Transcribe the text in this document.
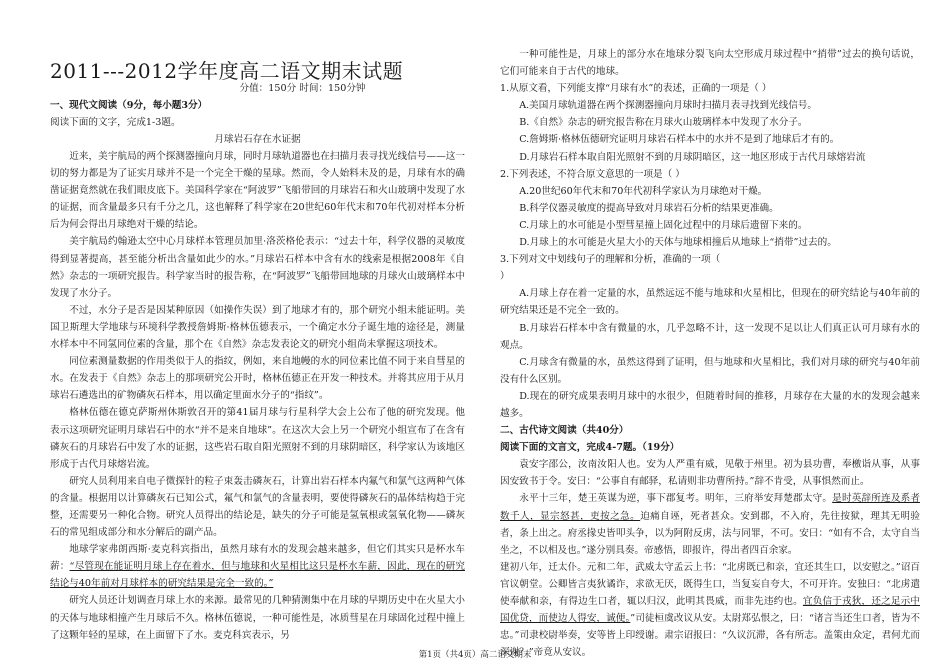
2011---2012学年度高二语文期末试题
分值：150分 时间：150分钟
一、现代文阅读（9分，每小题3分）
阅读下面的文字，完成1-3题。
月球岩石存在水证据

近来，美宇航局的两个探测器撞向月球，同时月球轨道器也在扫描月表寻找光线信号——这一切的努力都是为了证实月球并不是一个完全干燥的星球。然而，令人始料未及的是，月球有水的确凿证据竟然就在我们眼皮底下。美国科学家在“阿波罗”飞船带回的月球岩石和火山玻璃中发现了水的证据，而含量最多只有千分之几，这也解释了科学家在20世纪60年代末和70年代初对样本分析后为何会得出月球绝对干燥的结论。

美宇航局约翰逊太空中心月球样本管理员加里·洛茨格伦表示：“过去十年，科学仪器的灵敏度得到显著提高，甚至能分析出含量如此少的水。”月球岩石样本中含有水的线索是根据2008年《自然》杂志的一项研究报告。科学家当时的报告称，在“阿波罗”飞船带回地球的月球火山玻璃样本中发现了水分子。

不过，水分子是否是因某种原因（如操作失误）到了地球才有的，那个研究小组未能证明。美国卫斯理大学地球与环境科学教授詹姆斯·格林伍德表示，一个确定水分子诞生地的途径是，测量水样本中不同氢同位素的含量，那个在《自然》杂志发表论文的研究小组尚未掌握这项技术。

同位素测量数据的作用类似于人的指纹，例如，来自地幔的水的同位素比值不同于来自彗星的水。在发表于《自然》杂志上的那项研究公开时，格林伍德正在开发一种技术。并将其应用于从月球岩石遴选出的矿物磷灰石样本，用以确定里面水分子的“指纹”。

格林伍德在德克萨斯州休斯敦召开的第41届月球与行星科学大会上公布了他的研究发现。他表示这项研究证明月球岩石中的水“并不是来自地球”。在这次大会上另一个研究小组宣布了在含有磷灰石的月球岩石中发了水的证据，这些岩石取自阳光照射不到的月球阴暗区，科学家认为该地区形成于古代月球熔岩流。

研究人员利用来自电子微探针的粒子束轰击磷灰石，计算出岩石样本内氟气和氯气这两种气体的含量。根据用以计算磷灰石已知公式，氟气和氯气的含量表明，要使得磷灰石的晶体结构趋于完整，还需要另一种化合物。研究人员得出的结论是，缺失的分子可能是氢氧根或氢氧化物——磷灰石的常见组成部分和水分解后的副产品。

地球学家弗朗西斯·麦克科宾指出，虽然月球有水的发现会越来越多，但它们其实只是杯水车薪：“尽管现在能证明月球上存在着水，但与地球和火星相比这只是杯水车薪，因此，现在的研究结论与40年前对月球样本的研究结果是完全一致的。”

研究人员还计划调查月球上水的来源。最常见的几种猜测集中在月球的早期历史中在火星大小的天体与地球相撞产生月球后不久。格林伍德说，一种可能性是，冰质彗星在月球固化过程中撞上了这颗年轻的星球，在上面留下了水。麦克科宾表示，另

一种可能性是，月球上的部分水在地球分裂飞向太空形成月球过程中“捎带”过去的换句话说，它们可能来自于古代的地球。

1.从原文看，下列能支撑“月球有水”的表述，正确的一项是（ ）

A.美国月球轨道器在两个探测器撞向月球时扫描月表寻找到光线信号。

B.《自然》杂志的研究报告称在月球火山玻璃样本中发现了水分子。

C.詹姆斯·格林伍德研究证明月球岩石样本中的水并不是到了地球后才有的。

D.月球岩石样本取自阳光照射不到的月球阴暗区，这一地区形成于古代月球熔岩流

2.下列表述，不符合原文意思的一项是（ ）

A.20世纪60年代末和70年代初科学家认为月球绝对干燥。

B.科学仪器灵敏度的提高导致对月球岩石分析的结果更准确。

C.月球上的水可能是小型彗星撞上固化过程中的月球后遗留下来的。

D.月球上的水可能是火星大小的天体与地球相撞后从地球上“捎带”过去的。

3.下列对文中划线句子的理解和分析，准确的一项（

）

A.月球上存在着一定量的水，虽然远远不能与地球和火星相比，但现在的研究结论与40年前的研究结果还是不完全一致的。

B.月球岩石样本中含有微量的水，几乎忽略不计，这一发现不足以让人们真正认可月球有水的观点。

C.月球含有微量的水，虽然这得到了证明，但与地球和火星相比，我们对月球的研究与40年前没有什么区别。

D.现在的研究成果表明月球中的水很少，但随着时间的推移，月球存在大量的水的发现会越来越多。

二、古代诗文阅读（共40分）

阅读下面的文言文，完成4-7题。（19分）

袁安字邵公，汝南汝阳人也。安为人严重有威，见敬于州里。初为县功曹，奉檄诣从事，从事因安致书于令。安曰：“公事自有邮驿，私请则非功曹所持。”辞不肯受，从事惧然而止。

永平十三年，楚王英谋为逆，事下郡复考。明年，三府举安拜楚郡太守。是时英辞所连及系者数千人，显宗怒甚，吏按之急。迫痛自诬，死者甚众。安到郡，不入府，先往按狱，理其无明验者，条上出之。府丞掾史皆叩头争，以为阿附反虏，法与同罪，不可。安曰：“如有不合，太守自当坐之，不以相及也。”遂分别具奏。帝感悟，即报许，得出者四百余家。

建初八年，迁太仆。元和二年，武威太守孟云上书：“北虏既已和亲，宜还其生口，以安慰之。”诏百官议朝堂。公卿皆言夷狄谲诈，求欲无厌，既得生口，当复妄自夸大，不可开许。安独曰：“北虏遣使奉献和亲，有得边生口者，辄以归汉，此明其畏威，而非先违约也。宜负信于戎狄，还之足示中国优贷，而使边人得安，诚便。”司徒桓虞改议从安。太尉郑弘恨之，曰：“诸言当还生口者，皆为不忠。”司隶校尉举奏，安等皆上印绶谢。肃宗诏报曰：“久议沉滞，各有所志。盖策由众定，君何尤而深谢？”帝竟从安议。

第1页（共4页）高二语文期末
